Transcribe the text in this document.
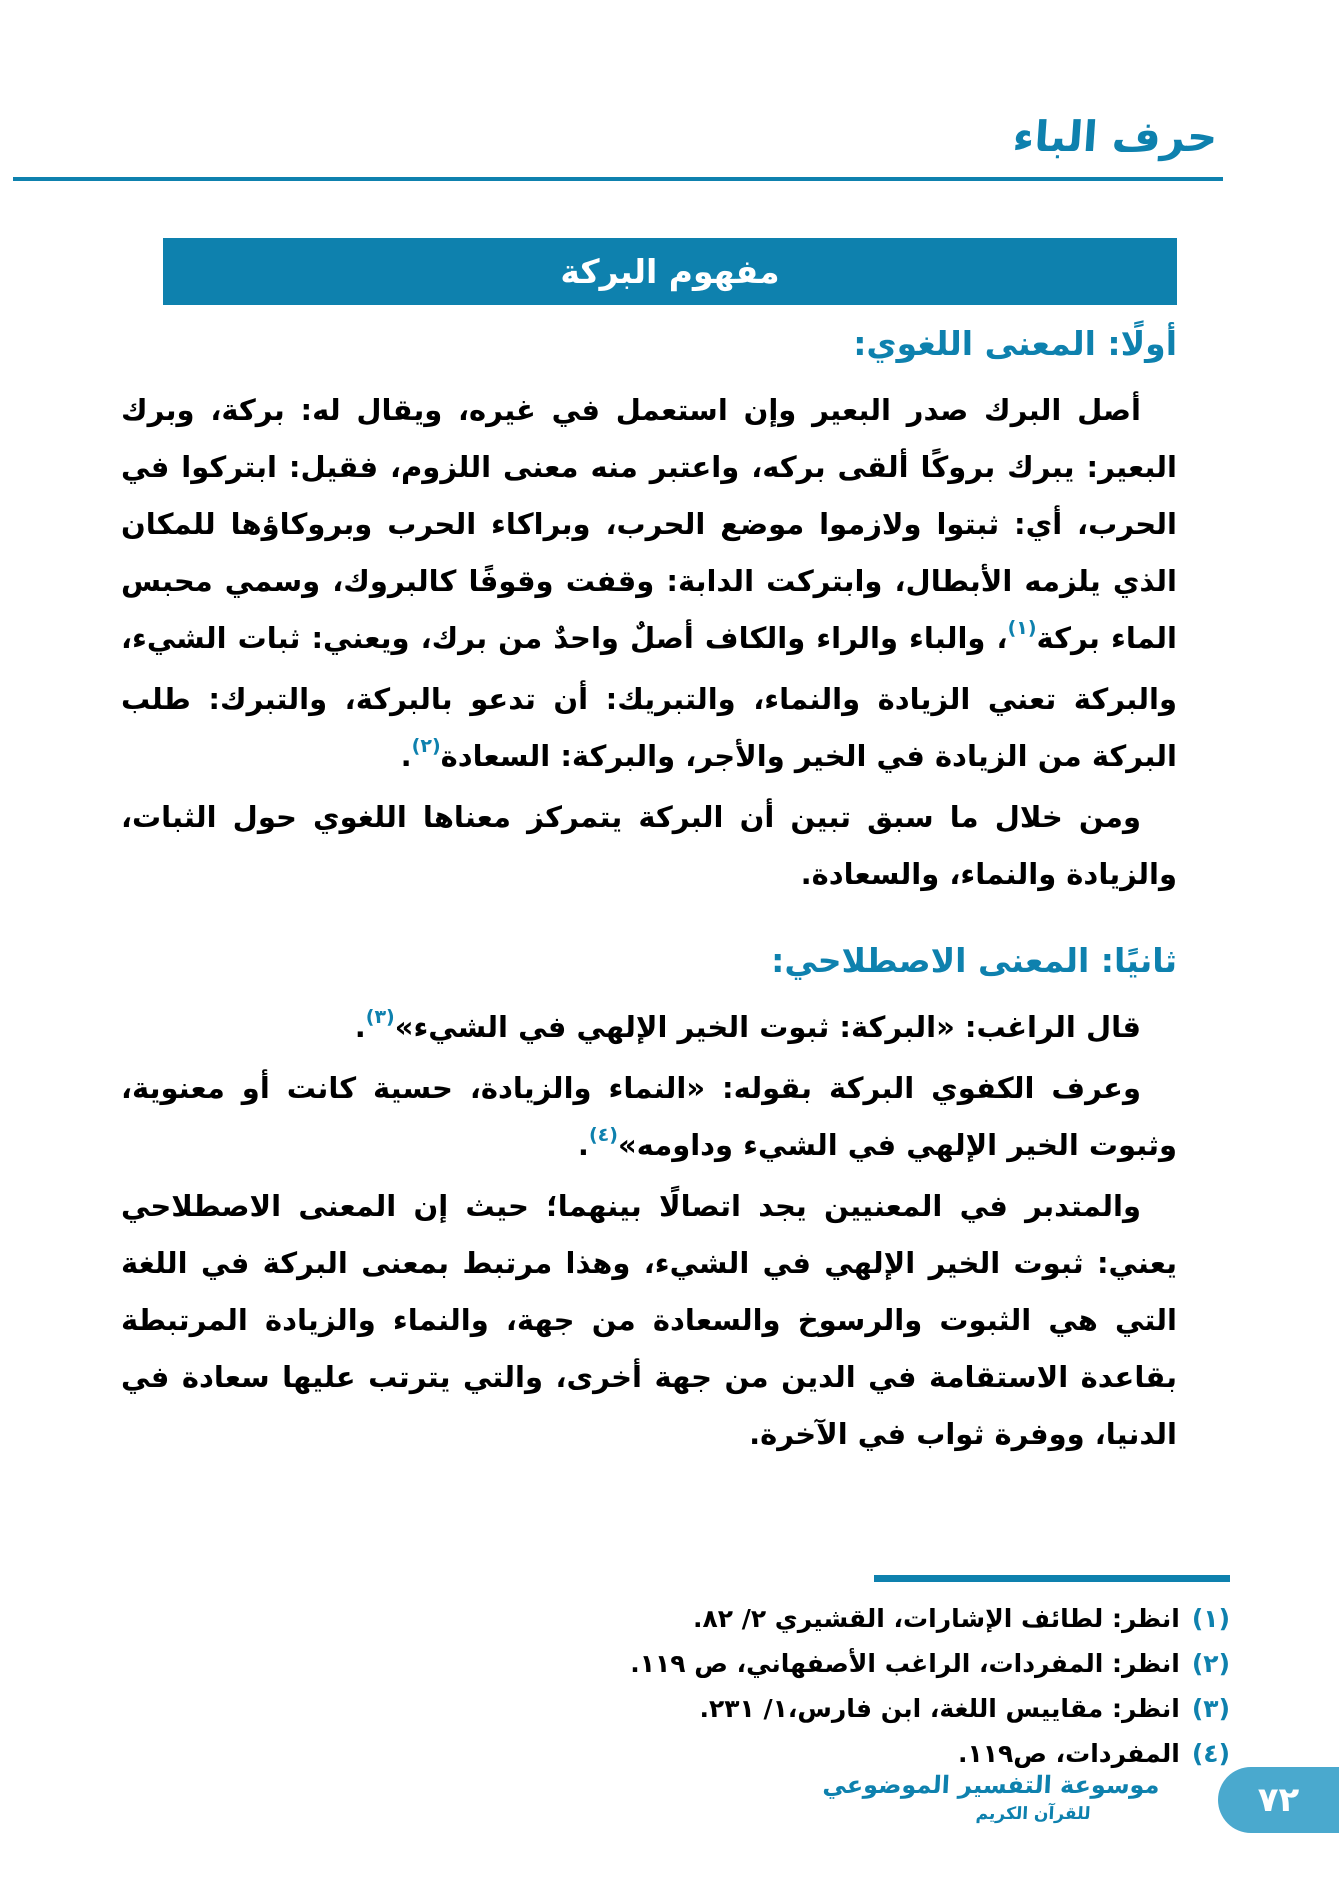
حرف الباء
مفهوم البركة
أولًا: المعنى اللغوي:

أصل البرك صدر البعير وإن استعمل في غيره، ويقال له: بركة، وبرك البعير: يبرك بروكًا ألقى بركه، واعتبر منه معنى اللزوم، فقيل: ابتركوا في الحرب، أي: ثبتوا ولازموا موضع الحرب، وبراكاء الحرب وبروكاؤها للمكان الذي يلزمه الأبطال، وابتركت الدابة: وقفت وقوفًا كالبروك، وسمي محبس الماء بركة$^{(١)}$، والباء والراء والكاف أصلٌ واحدٌ من برك، ويعني: ثبات الشيء، والبركة تعني الزيادة والنماء، والتبريك: أن تدعو بالبركة، والتبرك: طلب البركة من الزيادة في الخير والأجر، والبركة: السعادة$^{(٢)}$.

ومن خلال ما سبق تبين أن البركة يتمركز معناها اللغوي حول الثبات، والزيادة والنماء، والسعادة.

ثانيًا: المعنى الاصطلاحي:

قال الراغب: «البركة: ثبوت الخير الإلهي في الشيء»$^{(٣)}$.

وعرف الكفوي البركة بقوله: «النماء والزيادة، حسية كانت أو معنوية، وثبوت الخير الإلهي في الشيء وداومه»$^{(٤)}$.

والمتدبر في المعنيين يجد اتصالًا بينهما؛ حيث إن المعنى الاصطلاحي يعني: ثبوت الخير الإلهي في الشيء، وهذا مرتبط بمعنى البركة في اللغة التي هي الثبوت والرسوخ والسعادة من جهة، والنماء والزيادة المرتبطة بقاعدة الاستقامة في الدين من جهة أخرى، والتي يترتب عليها سعادة في الدنيا، ووفرة ثواب في الآخرة.

(١)
انظر: لطائف الإشارات، القشيري ٢/ ٨٢.
(٢)
انظر: المفردات، الراغب الأصفهاني، ص ١١٩.
(٣)
انظر: مقاييس اللغة، ابن فارس،١/ ٢٣١.
(٤)
المفردات، ص١١٩.
موسوعة التفسير الموضوعي
للقرآن الكريم	٧٢
